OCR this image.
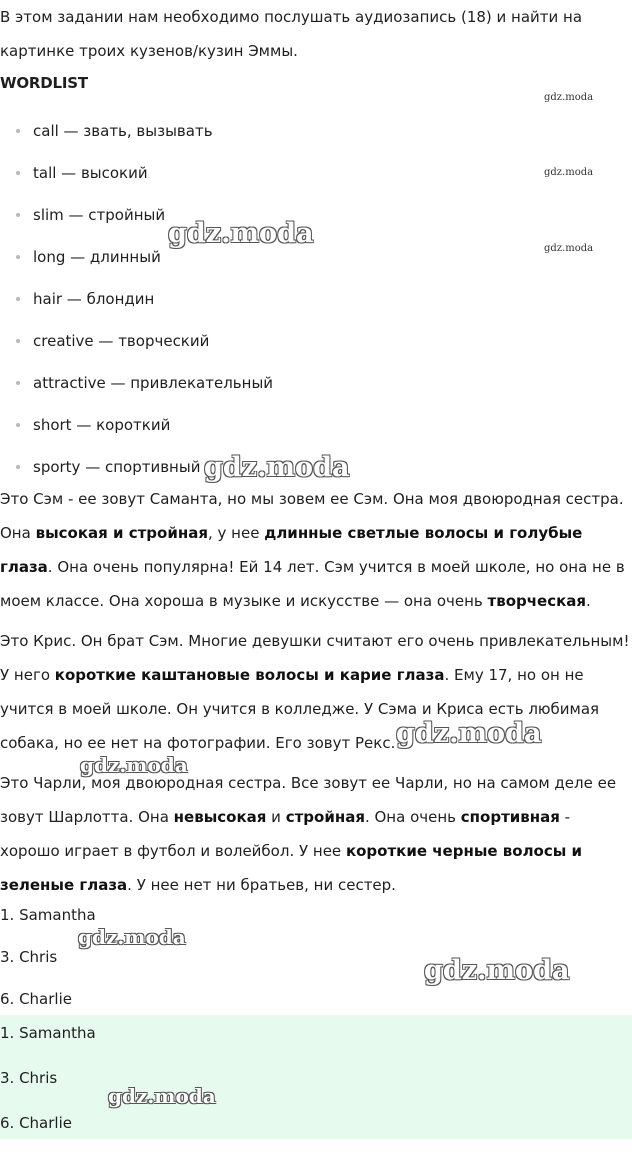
В этом задании нам необходимо послушать аудиозапись (18) и найти на картинке троих кузенов/кузин Эммы.

WORDLIST

call — звать, вызывать
tall — высокий
slim — стройный
long — длинный
hair — блондин
creative — творческий
attractive — привлекательный
short — короткий
sporty — спортивный

Это Сэм - ее зовут Саманта, но мы зовем ее Сэм. Она моя двоюродная сестра. Она высокая и стройная, у нее длинные светлые волосы и голубые глаза. Она очень популярна! Ей 14 лет. Сэм учится в моей школе, но она не в моем классе. Она хороша в музыке и искусстве — она очень творческая.

Это Крис. Он брат Сэм. Многие девушки считают его очень привлекательным! У него короткие каштановые волосы и карие глаза. Ему 17, но он не учится в моей школе. Он учится в колледже. У Сэма и Криса есть любимая собака, но ее нет на фотографии. Его зовут Рекс.

Это Чарли, моя двоюродная сестра. Все зовут ее Чарли, но на самом деле ее зовут Шарлотта. Она невысокая и стройная. Она очень спортивная - хорошо играет в футбол и волейбол. У нее короткие черные волосы и зеленые глаза. У нее нет ни братьев, ни сестер.

1. Samantha

3. Chris

6. Charlie

1. Samantha

3. Chris

6. Charlie

gdz.moda
gdz.moda
gdz.moda
gdz.moda
gdz.moda
gdz.moda
gdz.moda
gdz.moda
gdz.moda
gdz.moda
